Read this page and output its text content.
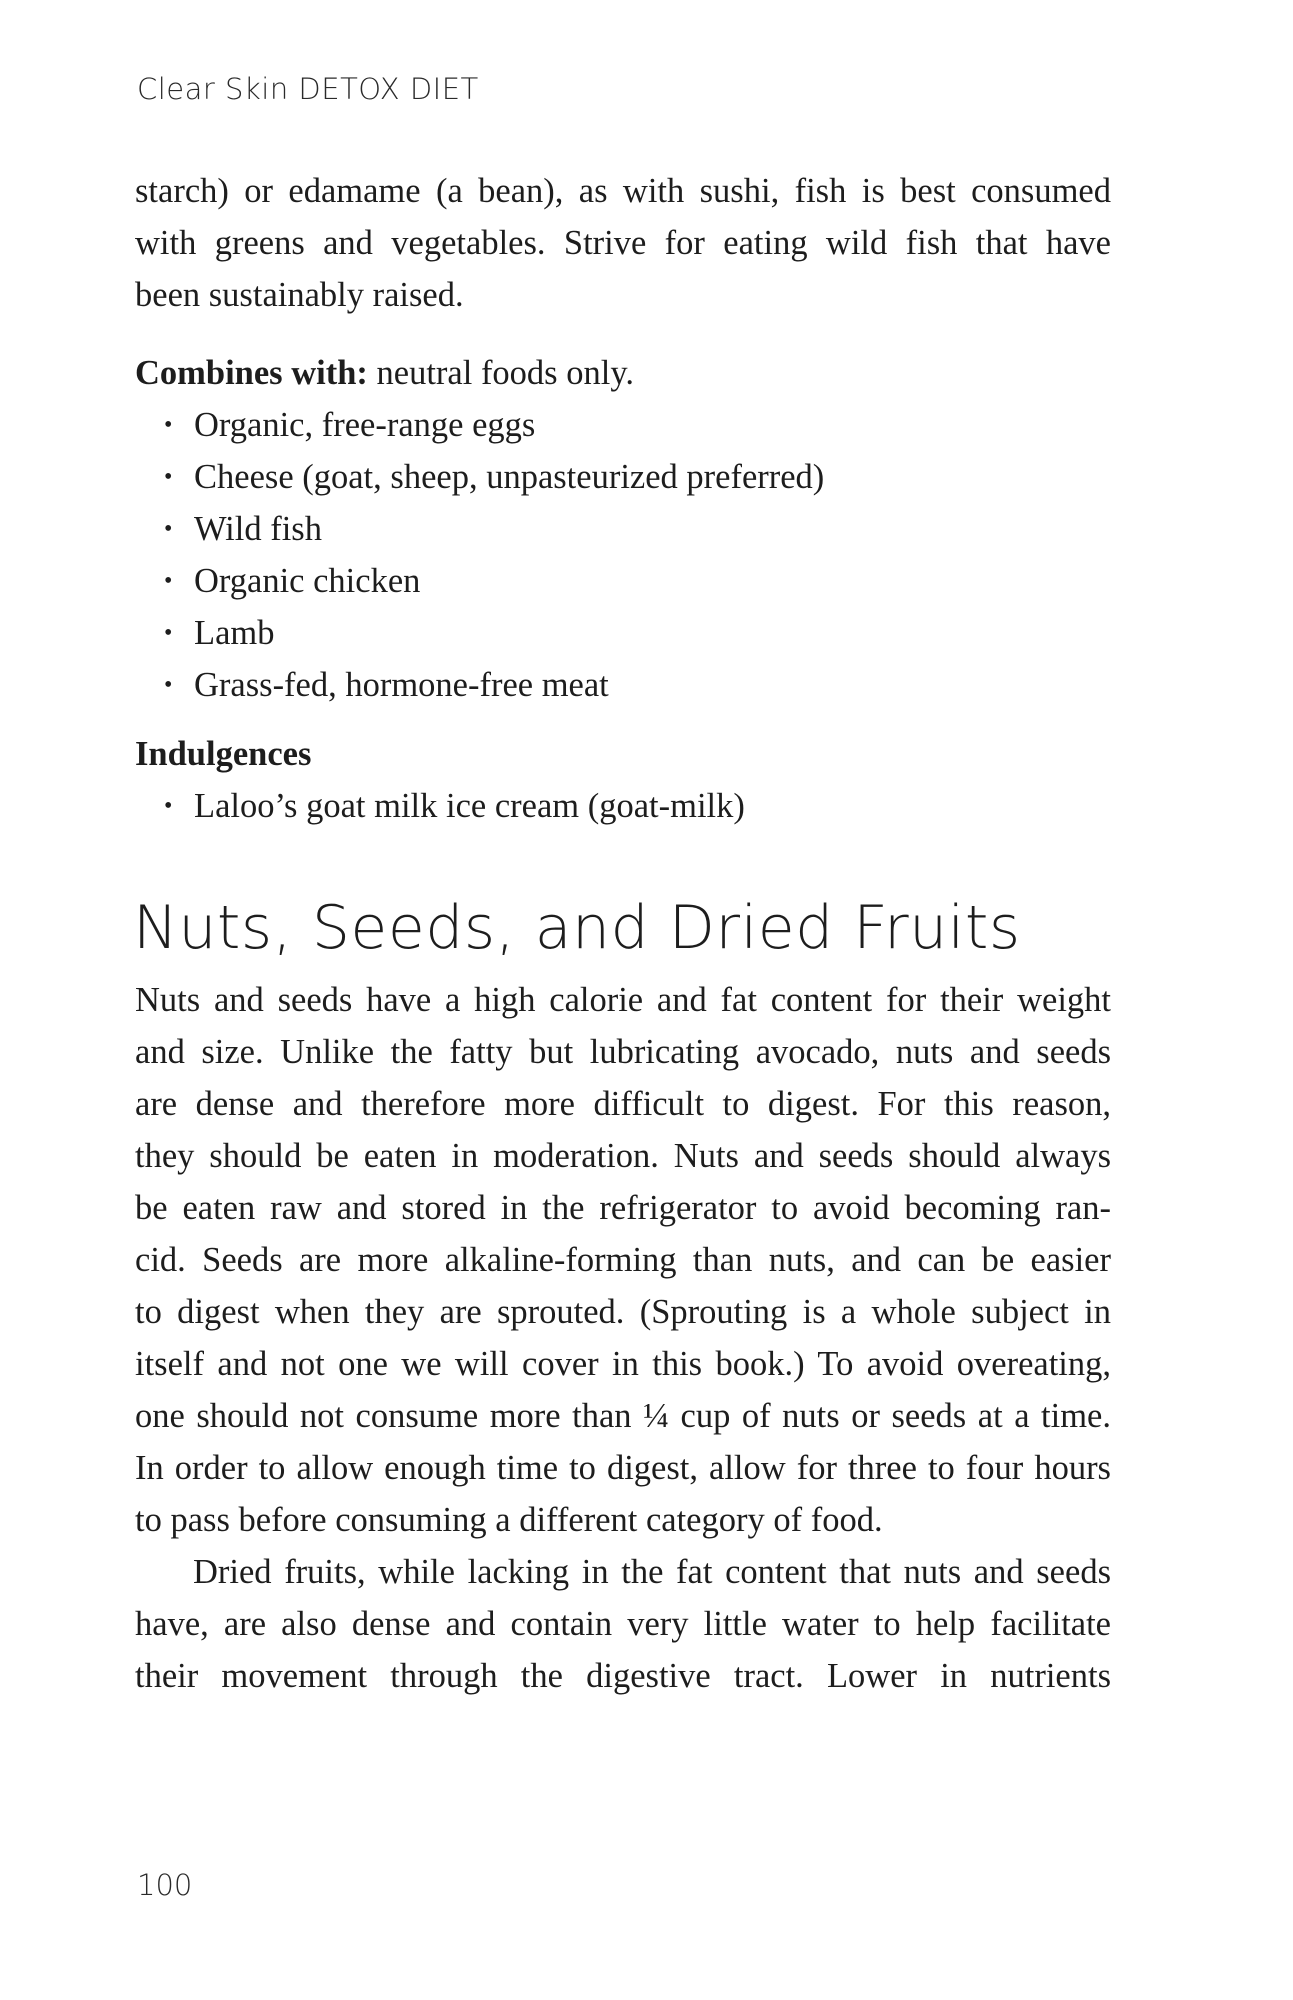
Clear Skin DETOX DIET
starch) or edamame (a bean), as with sushi, fish is best consumed
with greens and vegetables. Strive for eating wild fish that have
been sustainably raised.
Combines with: neutral foods only.
• Organic, free-range eggs
• Cheese (goat, sheep, unpasteurized preferred)
• Wild fish
• Organic chicken
• Lamb
• Grass-fed, hormone-free meat
Indulgences
• Laloo’s goat milk ice cream (goat-milk)
Nuts, Seeds, and Dried Fruits
Nuts and seeds have a high calorie and fat content for their weight
and size. Unlike the fatty but lubricating avocado, nuts and seeds
are dense and therefore more difficult to digest. For this reason,
they should be eaten in moderation. Nuts and seeds should always
be eaten raw and stored in the refrigerator to avoid becoming ran-
cid. Seeds are more alkaline-forming than nuts, and can be easier
to digest when they are sprouted. (Sprouting is a whole subject in
itself and not one we will cover in this book.) To avoid overeating,
one should not consume more than ¼ cup of nuts or seeds at a time.
In order to allow enough time to digest, allow for three to four hours
to pass before consuming a different category of food.
Dried fruits, while lacking in the fat content that nuts and seeds
have, are also dense and contain very little water to help facilitate
their movement through the digestive tract. Lower in nutrients
100
